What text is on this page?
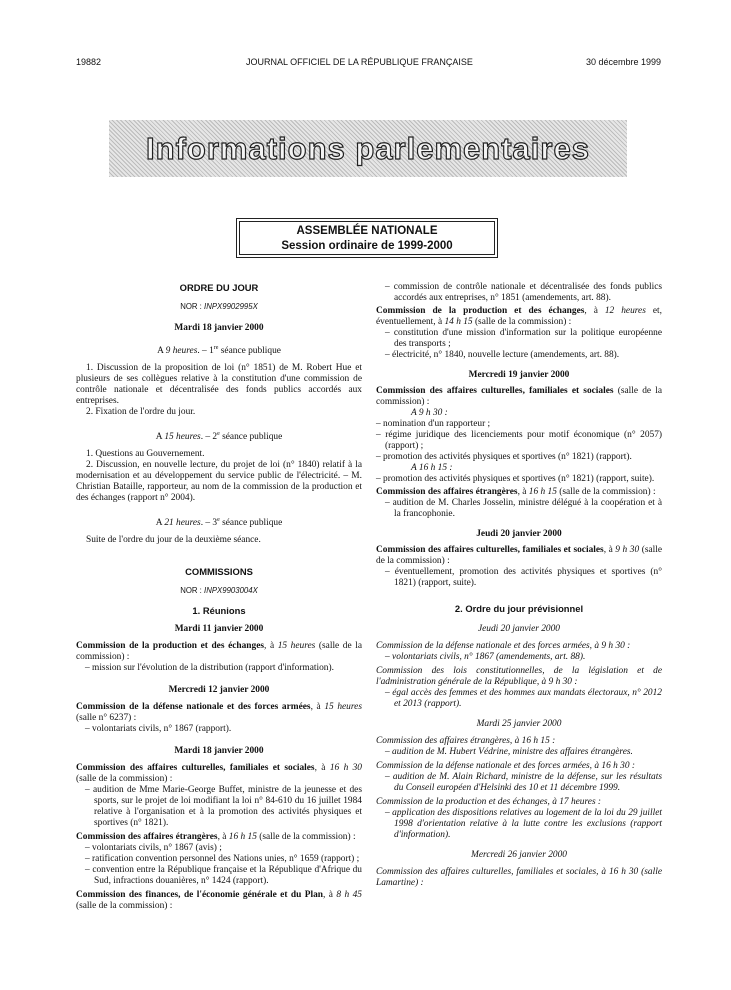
19882	JOURNAL OFFICIEL DE LA RÉPUBLIQUE FRANÇAISE	30 décembre 1999
Informations parlementaires
ASSEMBLÉE NATIONALE
Session ordinaire de 1999-2000

ORDRE DU JOUR

NOR : INPX9902995X

Mardi 18 janvier 2000

A 9 heures. – 1re séance publique

1. Discussion de la proposition de loi (n° 1851) de M. Robert Hue et plusieurs de ses collègues relative à la constitution d'une commission de contrôle nationale et décentralisée des fonds publics accordés aux entreprises.

2. Fixation de l'ordre du jour.

A 15 heures. – 2e séance publique

1. Questions au Gouvernement.

2. Discussion, en nouvelle lecture, du projet de loi (n° 1840) relatif à la modernisation et au développement du service public de l'électricité. – M. Christian Bataille, rapporteur, au nom de la commission de la production et des échanges (rapport n° 2004).

A 21 heures. – 3e séance publique

Suite de l'ordre du jour de la deuxième séance.

COMMISSIONS

NOR : INPX9903004X

1. Réunions

Mardi 11 janvier 2000

Commission de la production et des échanges, à 15 heures (salle de la commission) :

– mission sur l'évolution de la distribution (rapport d'information).

Mercredi 12 janvier 2000

Commission de la défense nationale et des forces armées, à 15 heures (salle n° 6237) :

– volontariats civils, n° 1867 (rapport).

Mardi 18 janvier 2000

Commission des affaires culturelles, familiales et sociales, à 16 h 30 (salle de la commission) :

– audition de Mme Marie-George Buffet, ministre de la jeunesse et des sports, sur le projet de loi modifiant la loi n° 84-610 du 16 juillet 1984 relative à l'organisation et à la promotion des activités physiques et sportives (n° 1821).

Commission des affaires étrangères, à 16 h 15 (salle de la commission) :

– volontariats civils, n° 1867 (avis) ;

– ratification convention personnel des Nations unies, n° 1659 (rapport) ;

– convention entre la République française et la République d'Afrique du Sud, infractions douanières, n° 1424 (rapport).

Commission des finances, de l'économie générale et du Plan, à 8 h 45 (salle de la commission) :

– commission de contrôle nationale et décentralisée des fonds publics accordés aux entreprises, n° 1851 (amendements, art. 88).

Commission de la production et des échanges, à 12 heures et, éventuellement, à 14 h 15 (salle de la commission) :

– constitution d'une mission d'information sur la politique européenne des transports ;

– électricité, n° 1840, nouvelle lecture (amendements, art. 88).

Mercredi 19 janvier 2000

Commission des affaires culturelles, familiales et sociales (salle de la commission) :

A 9 h 30 :

– nomination d'un rapporteur ;

– régime juridique des licenciements pour motif économique (n° 2057) (rapport) ;

– promotion des activités physiques et sportives (n° 1821) (rapport).

A 16 h 15 :

– promotion des activités physiques et sportives (n° 1821) (rapport, suite).

Commission des affaires étrangères, à 16 h 15 (salle de la commission) :

– audition de M. Charles Josselin, ministre délégué à la coopération et à la francophonie.

Jeudi 20 janvier 2000

Commission des affaires culturelles, familiales et sociales, à 9 h 30 (salle de la commission) :

– éventuellement, promotion des activités physiques et sportives (n° 1821) (rapport, suite).

2. Ordre du jour prévisionnel

Jeudi 20 janvier 2000

Commission de la défense nationale et des forces armées, à 9 h 30 :

– volontariats civils, n° 1867 (amendements, art. 88).

Commission des lois constitutionnelles, de la législation et de l'administration générale de la République, à 9 h 30 :

– égal accès des femmes et des hommes aux mandats électoraux, n° 2012 et 2013 (rapport).

Mardi 25 janvier 2000

Commission des affaires étrangères, à 16 h 15 :

– audition de M. Hubert Védrine, ministre des affaires étrangères.

Commission de la défense nationale et des forces armées, à 16 h 30 :

– audition de M. Alain Richard, ministre de la défense, sur les résultats du Conseil européen d'Helsinki des 10 et 11 décembre 1999.

Commission de la production et des échanges, à 17 heures :

– application des dispositions relatives au logement de la loi du 29 juillet 1998 d'orientation relative à la lutte contre les exclusions (rapport d'information).

Mercredi 26 janvier 2000

Commission des affaires culturelles, familiales et sociales, à 16 h 30 (salle Lamartine) :
